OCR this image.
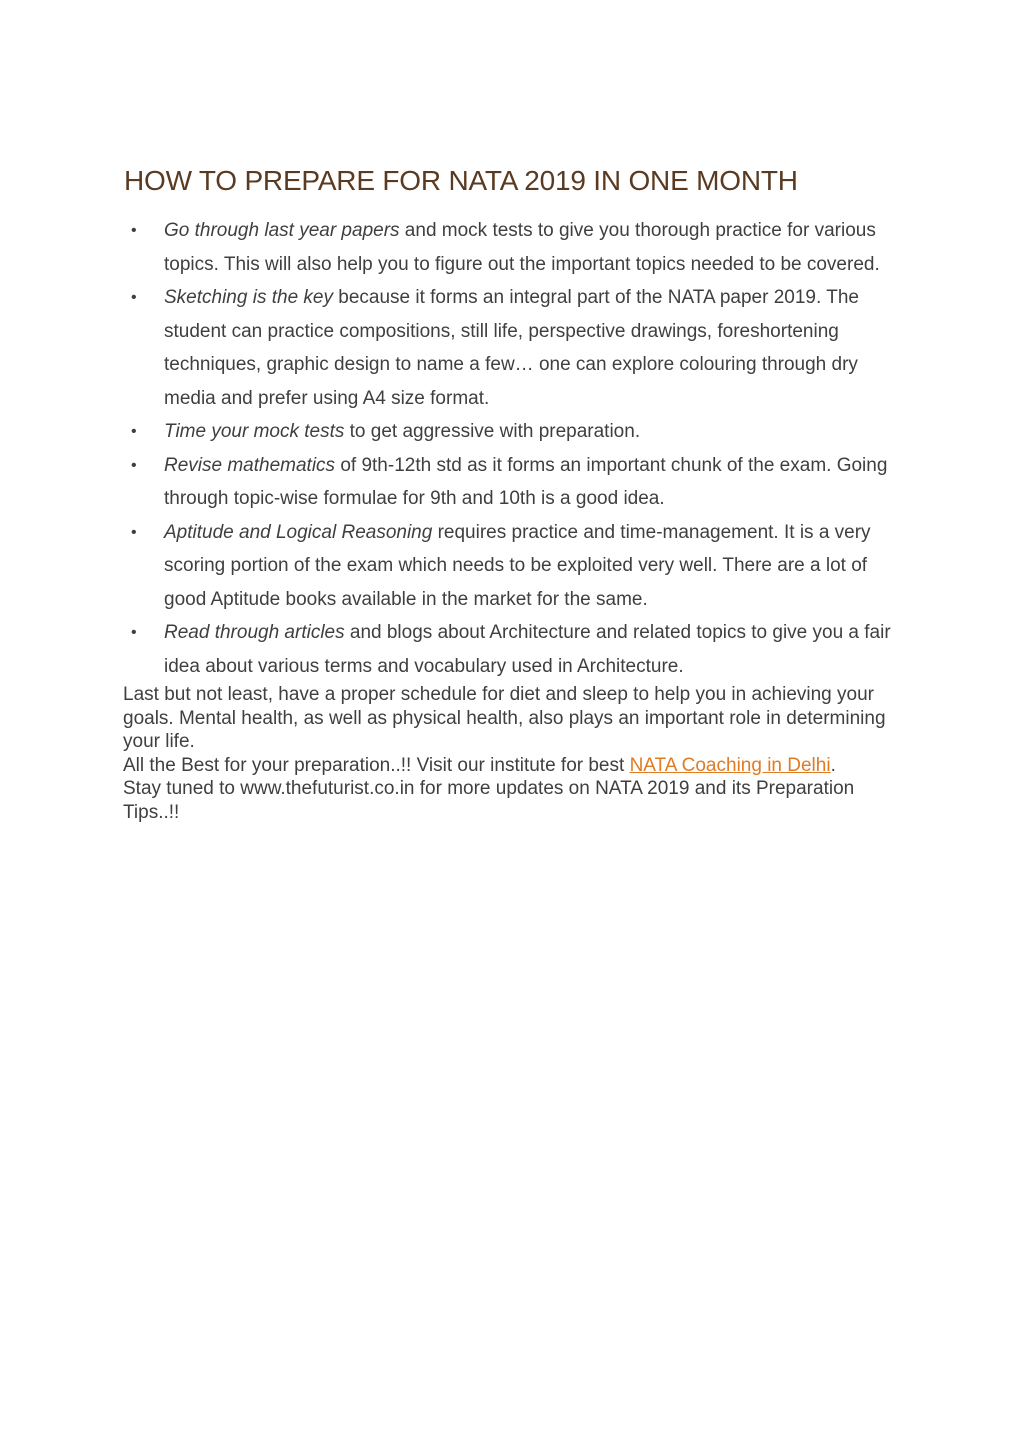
HOW TO PREPARE FOR NATA 2019 IN ONE MONTH
• Go through last year papers and mock tests to give you thorough practice for various topics. This will also help you to figure out the important topics needed to be covered.
• Sketching is the key because it forms an integral part of the NATA paper 2019. The student can practice compositions, still life, perspective drawings, foreshortening techniques, graphic design to name a few… one can explore colouring through dry media and prefer using A4 size format.
• Time your mock tests to get aggressive with preparation.
• Revise mathematics of 9th-12th std as it forms an important chunk of the exam. Going through topic-wise formulae for 9th and 10th is a good idea.
• Aptitude and Logical Reasoning requires practice and time-management. It is a very scoring portion of the exam which needs to be exploited very well. There are a lot of good Aptitude books available in the market for the same.
• Read through articles and blogs about Architecture and related topics to give you a fair idea about various terms and vocabulary used in Architecture.

Last but not least, have a proper schedule for diet and sleep to help you in achieving your goals. Mental health, as well as physical health, also plays an important role in determining your life.

All the Best for your preparation..!! Visit our institute for best NATA Coaching in Delhi.

Stay tuned to www.thefuturist.co.in for more updates on NATA 2019 and its Preparation Tips..!!
